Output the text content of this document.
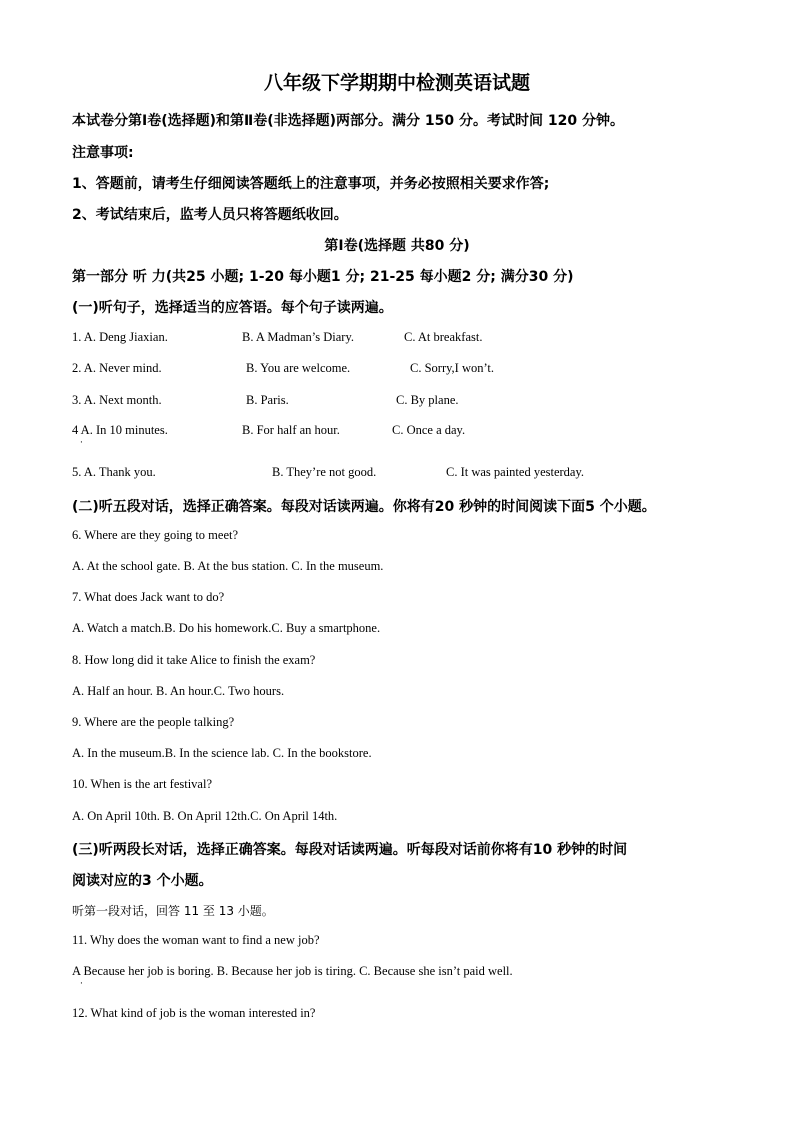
八年级下学期期中检测英语试题
本试卷分第Ⅰ卷(选择题)和第Ⅱ卷(非选择题)两部分。满分 150 分。考试时间 120 分钟。
注意事项:
1、答题前，请考生仔细阅读答题纸上的注意事项，并务必按照相关要求作答;
2、考试结束后，监考人员只将答题纸收回。
第Ⅰ卷(选择题 共80 分)
第一部分 听 力(共25 小题; 1-20 每小题1 分; 21-25 每小题2 分; 满分30 分)
(一)听句子，选择适当的应答语。每个句子读两遍。
1. A. Deng Jiaxian.	B. A Madman’s Diary.	C. At breakfast.
2. A. Never mind.	B. You are welcome.	C. Sorry,I won’t.
3. A. Next month.	B. Paris.	C. By plane.
4 A. In 10 minutes.	B. For half an hour.	C. Once a day.
·
5. A. Thank you.	B. They’re not good.	C. It was painted yesterday.
(二)听五段对话，选择正确答案。每段对话读两遍。你将有20 秒钟的时间阅读下面5 个小题。
6. Where are they going to meet?
A. At the school gate. B. At the bus station. C. In the museum.
7. What does Jack want to do?
A. Watch a match.B. Do his homework.C. Buy a smartphone.
8. How long did it take Alice to finish the exam?
A. Half an hour. B. An hour.C. Two hours.
9. Where are the people talking?
A. In the museum.B. In the science lab. C. In the bookstore.
10. When is the art festival?
A. On April 10th. B. On April 12th.C. On April 14th.
(三)听两段长对话，选择正确答案。每段对话读两遍。听每段对话前你将有10 秒钟的时间
阅读对应的3 个小题。
听第一段对话，回答 11 至 13 小题。
11. Why does the woman want to find a new job?
A Because her job is boring. B. Because her job is tiring. C. Because she isn’t paid well.
·
12. What kind of job is the woman interested in?
